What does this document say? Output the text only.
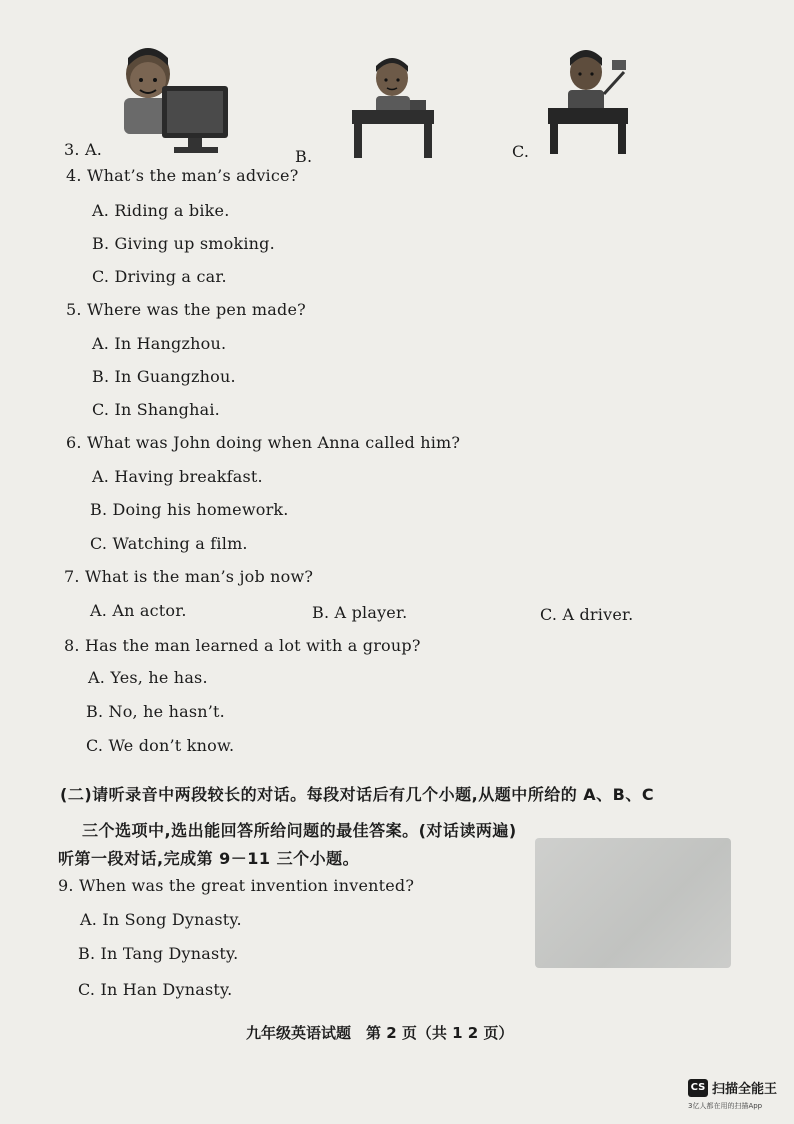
3. A.	B.	C.
4. What’s the man’s advice?
A. Riding a bike.
B. Giving up smoking.
C. Driving a car.
5. Where was the pen made?
A. In Hangzhou.
B. In Guangzhou.
C. In Shanghai.
6. What was John doing when Anna called him?
A. Having breakfast.
B. Doing his homework.
C. Watching a film.
7. What is the man’s job now?
A. An actor.	B. A player.	C. A driver.
8. Has the man learned a lot with a group?
A. Yes, he has.
B. No, he hasn’t.
C. We don’t know.
(二)请听录音中两段较长的对话。每段对话后有几个小题,从题中所给的 A、B、C
三个选项中,选出能回答所给问题的最佳答案。(对话读两遍)
听第一段对话,完成第 9－11 三个小题。
9. When was the great invention invented?
A. In Song Dynasty.
B. In Tang Dynasty.
C. In Han Dynasty.
九年级英语试题　第 2 页（共 1 2 页）
CS 扫描全能王
3亿人都在用的扫描App
